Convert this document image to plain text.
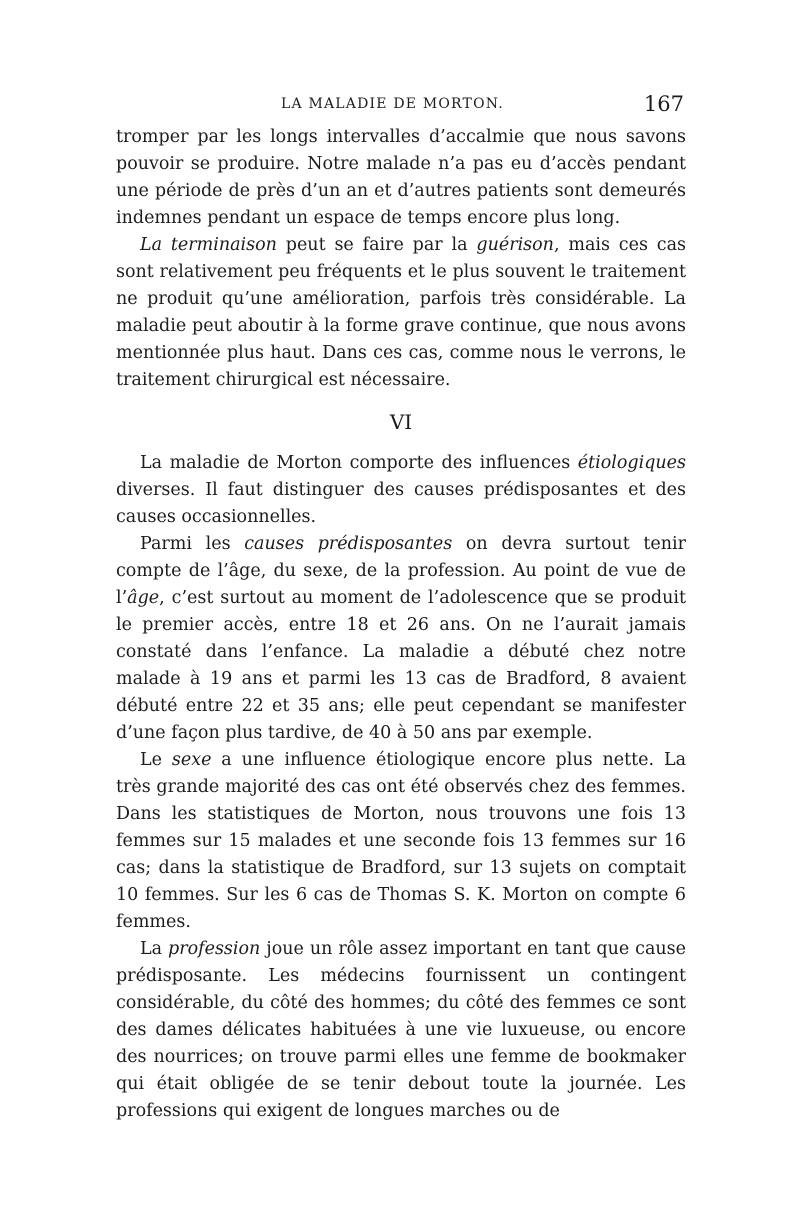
LA MALADIE DE MORTON.	167

tromper par les longs intervalles d’accalmie que nous savons pouvoir se produire. Notre malade n’a pas eu d’accès pendant une période de près d’un an et d’autres patients sont demeurés indemnes pendant un espace de temps encore plus long.

La terminaison peut se faire par la guérison, mais ces cas sont relativement peu fréquents et le plus souvent le traitement ne produit qu’une amélioration, parfois très considérable. La maladie peut aboutir à la forme grave continue, que nous avons mentionnée plus haut. Dans ces cas, comme nous le verrons, le traitement chirurgical est nécessaire.

VI

La maladie de Morton comporte des influences étiologiques diverses. Il faut distinguer des causes prédisposantes et des causes occasionnelles.

Parmi les causes prédisposantes on devra surtout tenir compte de l’âge, du sexe, de la profession. Au point de vue de l’âge, c’est surtout au moment de l’adolescence que se produit le premier accès, entre 18 et 26 ans. On ne l’aurait jamais constaté dans l’enfance. La maladie a débuté chez notre malade à 19 ans et parmi les 13 cas de Bradford, 8 avaient débuté entre 22 et 35 ans; elle peut cependant se manifester d’une façon plus tardive, de 40 à 50 ans par exemple.

Le sexe a une influence étiologique encore plus nette. La très grande majorité des cas ont été observés chez des femmes. Dans les statistiques de Morton, nous trouvons une fois 13 femmes sur 15 malades et une seconde fois 13 femmes sur 16 cas; dans la statistique de Bradford, sur 13 sujets on comptait 10 femmes. Sur les 6 cas de Thomas S. K. Morton on compte 6 femmes.

La profession joue un rôle assez important en tant que cause prédisposante. Les médecins fournissent un contingent considérable, du côté des hommes; du côté des femmes ce sont des dames délicates habituées à une vie luxueuse, ou encore des nourrices; on trouve parmi elles une femme de bookmaker qui était obligée de se tenir debout toute la journée. Les professions qui exigent de longues marches ou de
